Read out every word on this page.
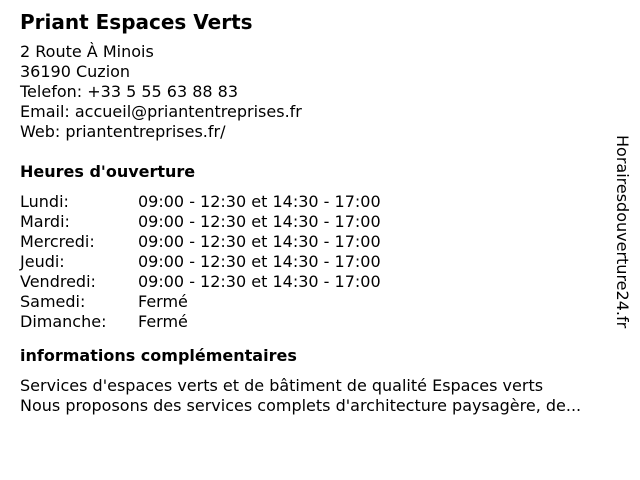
Priant Espaces Verts
2 Route À Minois
36190 Cuzion
Telefon: +33 5 55 63 88 83
Email: accueil@priantentreprises.fr
Web: priantentreprises.fr/
Heures d'ouverture
Lundi:	09:00 - 12:30 et 14:30 - 17:00
Mardi:	09:00 - 12:30 et 14:30 - 17:00
Mercredi:	09:00 - 12:30 et 14:30 - 17:00
Jeudi:	09:00 - 12:30 et 14:30 - 17:00
Vendredi:	09:00 - 12:30 et 14:30 - 17:00
Samedi:	Fermé
Dimanche:	Fermé
informations complémentaires
Services d'espaces verts et de bâtiment de qualité Espaces verts
Nous proposons des services complets d'architecture paysagère, de...
Horairesdouverture24.fr
